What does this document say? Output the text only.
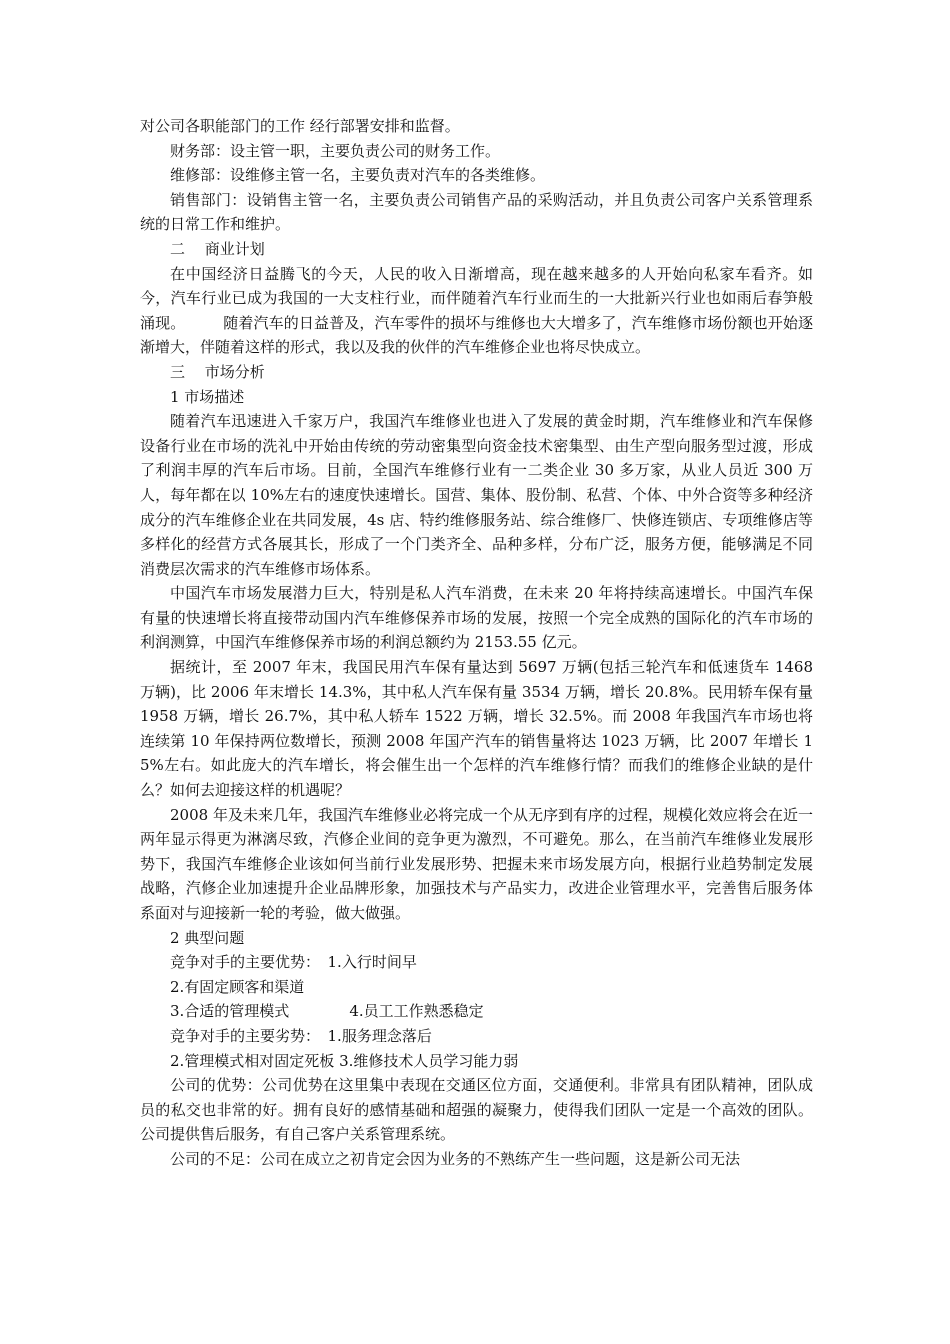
对公司各职能部门的工作 经行部署安排和监督。

财务部：设主管一职，主要负责公司的财务工作。

维修部：设维修主管一名，主要负责对汽车的各类维修。

销售部门：设销售主管一名，主要负责公司销售产品的采购活动，并且负责公司客户关系管理系统的日常工作和维护。

二　 商业计划

在中国经济日益腾飞的今天，人民的收入日渐增高，现在越来越多的人开始向私家车看齐。如今，汽车行业已成为我国的一大支柱行业，而伴随着汽车行业而生的一大批新兴行业也如雨后春笋般涌现。　　　随着汽车的日益普及，汽车零件的损坏与维修也大大增多了，汽车维修市场份额也开始逐渐增大，伴随着这样的形式，我以及我的伙伴的汽车维修企业也将尽快成立。

三　 市场分析

1 市场描述

随着汽车迅速进入千家万户，我国汽车维修业也进入了发展的黄金时期，汽车维修业和汽车保修设备行业在市场的洗礼中开始由传统的劳动密集型向资金技术密集型、由生产型向服务型过渡，形成了利润丰厚的汽车后市场。目前，全国汽车维修行业有一二类企业 30 多万家，从业人员近 300 万人，每年都在以 10%左右的速度快速增长。国营、集体、股份制、私营、个体、中外合资等多种经济成分的汽车维修企业在共同发展，4s 店、特约维修服务站、综合维修厂、快修连锁店、专项维修店等多样化的经营方式各展其长，形成了一个门类齐全、品种多样，分布广泛，服务方便，能够满足不同消费层次需求的汽车维修市场体系。

中国汽车市场发展潜力巨大，特别是私人汽车消费，在未来 20 年将持续高速增长。中国汽车保有量的快速增长将直接带动国内汽车维修保养市场的发展，按照一个完全成熟的国际化的汽车市场的利润测算，中国汽车维修保养市场的利润总额约为 2153.55 亿元。

据统计，至 2007 年末，我国民用汽车保有量达到 5697 万辆(包括三轮汽车和低速货车 1468 万辆)，比 2006 年末增长 14.3%，其中私人汽车保有量 3534 万辆，增长 20.8%。民用轿车保有量 1958 万辆，增长 26.7%，其中私人轿车 1522 万辆，增长 32.5%。而 2008 年我国汽车市场也将连续第 10 年保持两位数增长，预测 2008 年国产汽车的销售量将达 1023 万辆，比 2007 年增长 15%左右。如此庞大的汽车增长，将会催生出一个怎样的汽车维修行情？而我们的维修企业缺的是什么？如何去迎接这样的机遇呢？

2008 年及未来几年，我国汽车维修业必将完成一个从无序到有序的过程，规模化效应将会在近一两年显示得更为淋漓尽致，汽修企业间的竞争更为激烈，不可避免。那么，在当前汽车维修业发展形势下，我国汽车维修企业该如何当前行业发展形势、把握未来市场发展方向，根据行业趋势制定发展战略，汽修企业加速提升企业品牌形象，加强技术与产品实力，改进企业管理水平，完善售后服务体系面对与迎接新一轮的考验，做大做强。

2 典型问题

竞争对手的主要优势：　1.入行时间早

2.有固定顾客和渠道

3.合适的管理模式　　　　4.员工工作熟悉稳定

竞争对手的主要劣势：　1.服务理念落后

2.管理模式相对固定死板 3.维修技术人员学习能力弱

公司的优势：公司优势在这里集中表现在交通区位方面，交通便利。非常具有团队精神，团队成员的私交也非常的好。拥有良好的感情基础和超强的凝聚力，使得我们团队一定是一个高效的团队。公司提供售后服务，有自己客户关系管理系统。

公司的不足：公司在成立之初肯定会因为业务的不熟练产生一些问题，这是新公司无法
